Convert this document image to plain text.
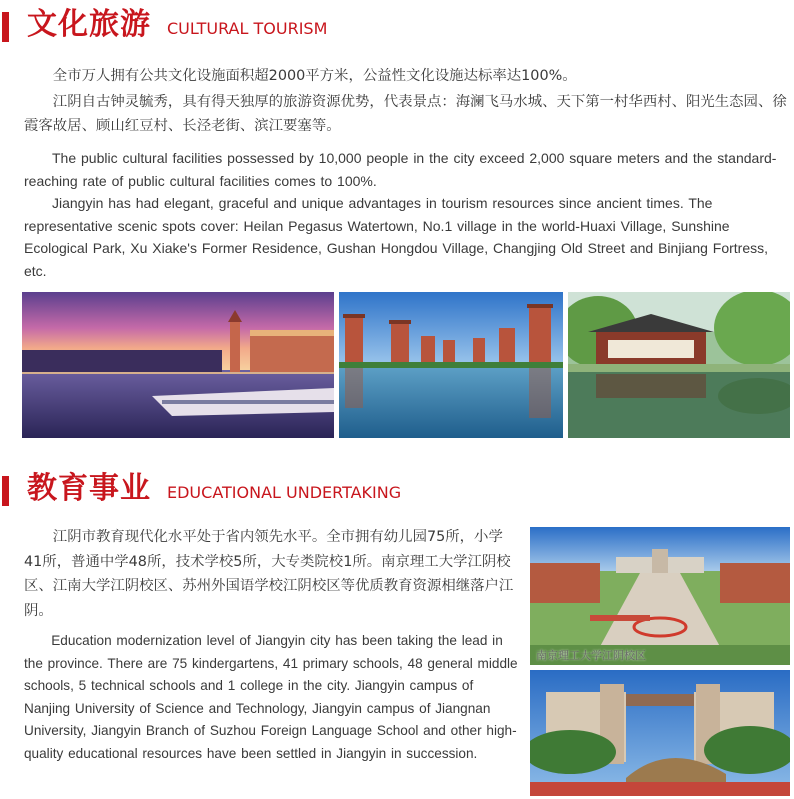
文化旅游 CULTURAL TOURISM

全市万人拥有公共文化设施面积超2000平方米，公益性文化设施达标率达100%。

江阴自古钟灵毓秀，具有得天独厚的旅游资源优势，代表景点：海澜飞马水城、天下第一村华西村、阳光生态园、徐霞客故居、顾山红豆村、长泾老街、滨江要塞等。

The public cultural facilities possessed by 10,000 people in the city exceed 2,000 square meters and the standard-reaching rate of public cultural facilities comes to 100%.

Jiangyin has had elegant, graceful and unique advantages in tourism resources since ancient times. The representative scenic spots cover: Heilan Pegasus Watertown, No.1 village in the world-Huaxi Village, Sunshine Ecological Park, Xu Xiake's Former Residence, Gushan Hongdou Village, Changjing Old Street and Binjiang Fortress, etc.

教育事业 EDUCATIONAL UNDERTAKING

江阴市教育现代化水平处于省内领先水平。全市拥有幼儿园75所，小学41所，普通中学48所，技术学校5所，大专类院校1所。南京理工大学江阴校区、江南大学江阴校区、苏州外国语学校江阴校区等优质教育资源相继落户江阴。

Education modernization level of Jiangyin city has been taking the lead in the province. There are 75 kindergartens, 41 primary schools, 48 general middle schools, 5 technical schools and 1 college in the city. Jiangyin campus of Nanjing University of Science and Technology, Jiangyin campus of Jiangnan University, Jiangyin Branch of Suzhou Foreign Language School and other high-quality educational resources have been settled in Jiangyin in succession.

南京理工大学江阴校区
